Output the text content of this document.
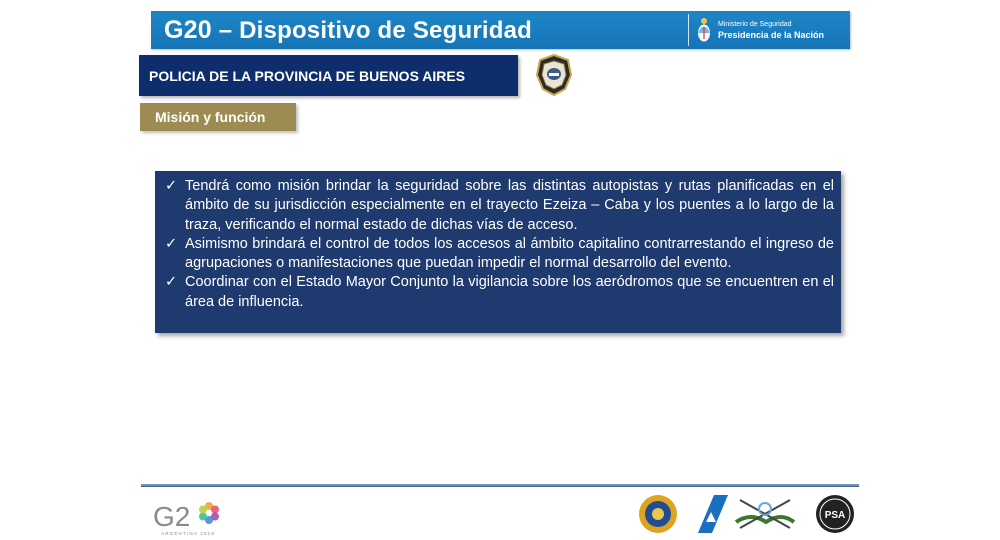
G20 – Dispositivo de Seguridad	Ministerio de Seguridad
Presidencia de la Nación
POLICIA DE LA PROVINCIA DE BUENOS AIRES
Misión y función
✓ Tendrá como misión brindar la seguridad sobre las distintas autopistas y rutas planificadas en el ámbito de su jurisdicción especialmente en el trayecto Ezeiza – Caba y los puentes a lo largo de la traza, verificando el normal estado de dichas vías de acceso.
✓ Asimismo brindará el control de todos los accesos al ámbito capitalino contrarrestando el ingreso de agrupaciones o manifestaciones que puedan impedir el normal desarrollo del evento.
✓ Coordinar con el Estado Mayor Conjunto la vigilancia sobre los aeródromos que se encuentren en el área de influencia.
G2
ARGENTINA 2018
PSA
